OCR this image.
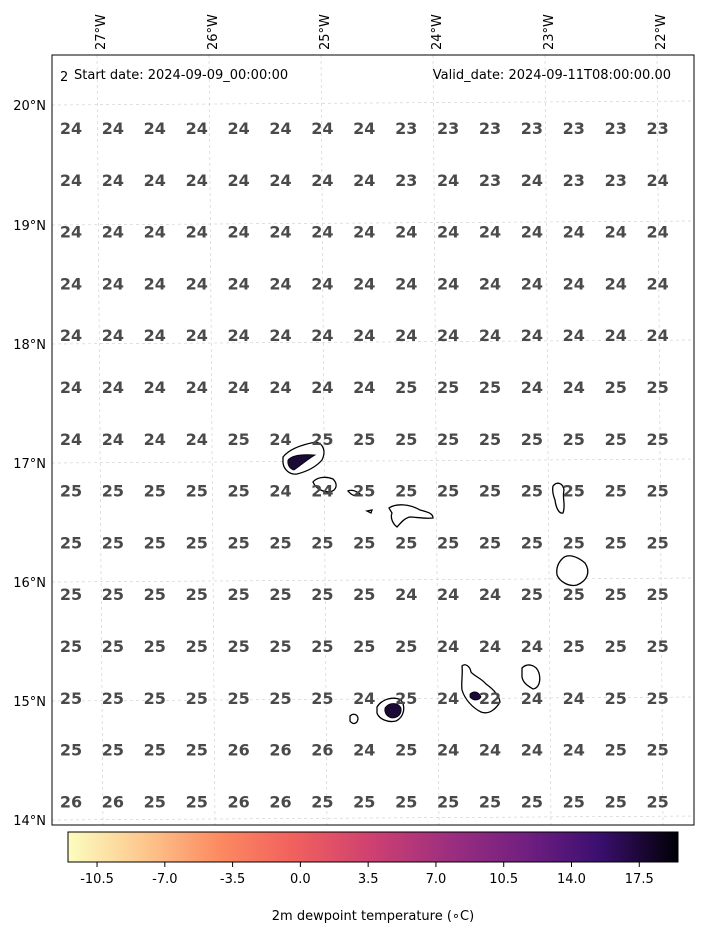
24 24 24 24 24 24 24 24 23 23 23 23 23 23 23
24 24 24 24 24 24 24 24 23 24 23 24 23 23 24
24 24 24 24 24 24 24 24 24 24 24 24 24 24 24
24 24 24 24 24 24 24 24 24 24 24 24 24 24 24
24 24 24 24 24 24 24 24 24 24 24 24 24 24 24
24 24 24 24 24 24 24 24 25 25 25 24 24 25 25
24 24 24 24 25 24 25 25 25 25 25 25 25 25 25
25 25 25 25 25 24 24 25 25 25 25 25 25 25 25
25 25 25 25 25 25 25 25 25 25 25 25 25 25 25
25 25 25 25 25 25 25 25 24 24 24 25 25 25 25
25 25 25 25 25 25 25 25 25 24 24 24 25 25 25
25 25 25 25 25 25 25 24 25 24 22 24 24 25 25
25 25 25 25 26 26 26 24 25 24 24 24 24 25 25
26 26 25 25 26 26 25 25 25 25 25 25 25 25 25
2 Start date: 2024-09-09_00:00:00	Valid_date: 2024-09-11T08:00:00.00
27°W	26°W	25°W	24°W	23°W	22°W
20°N
19°N
18°N
17°N
16°N
15°N
14°N
-10.5	-7.0	-3.5	0.0	3.5	7.0	10.5	14.0	17.5
2m dewpoint temperature (∘C)
